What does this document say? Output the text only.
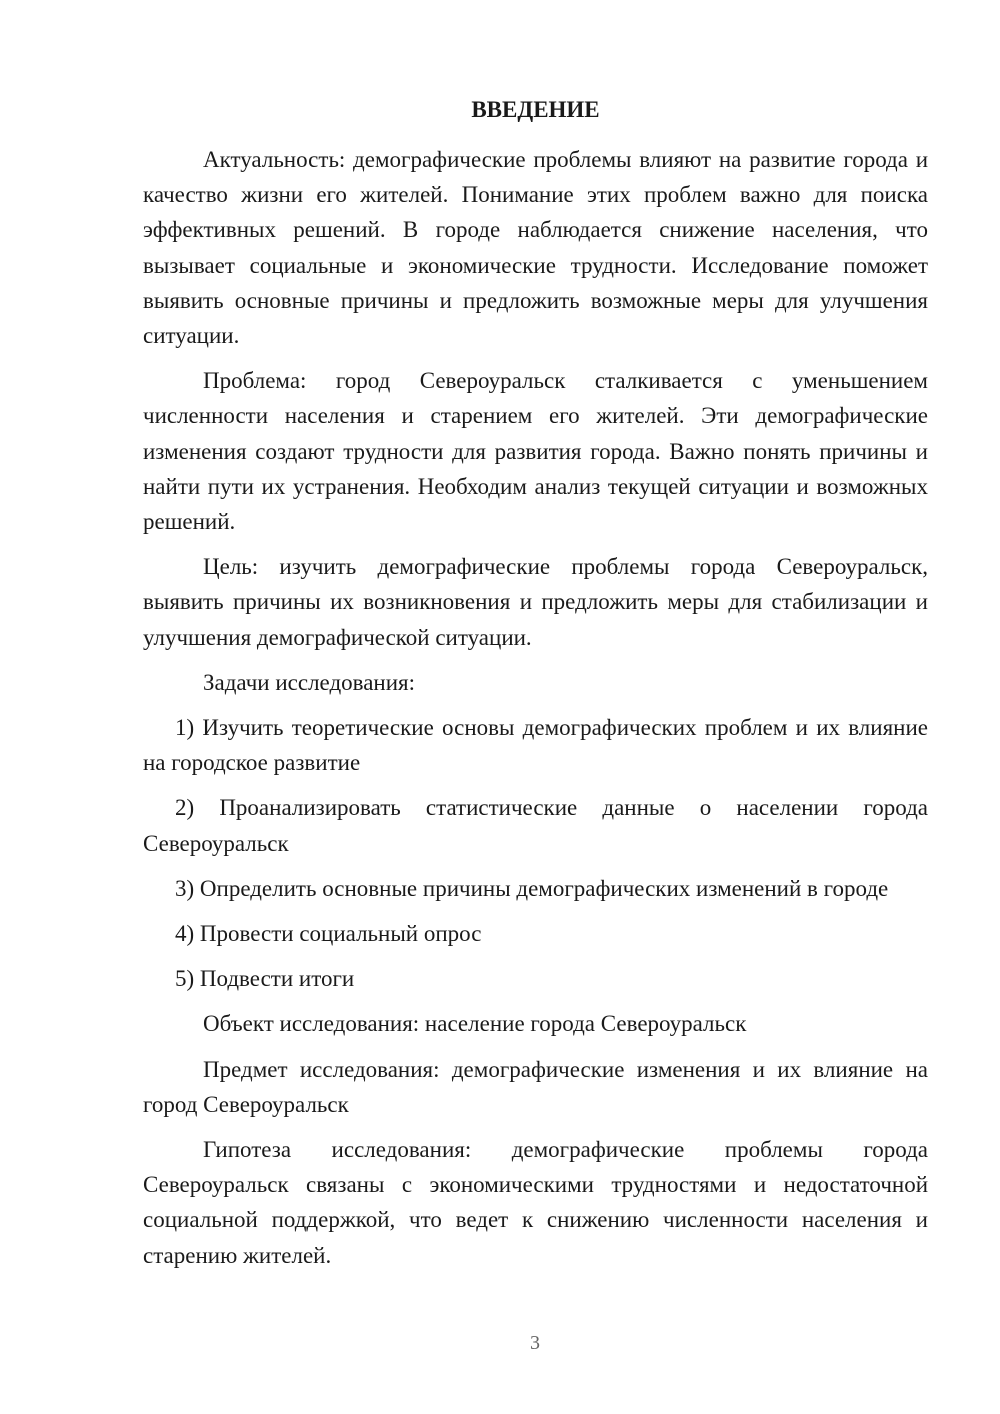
ВВЕДЕНИЕ

Актуальность: демографические проблемы влияют на развитие города и качество жизни его жителей. Понимание этих проблем важно для поиска эффективных решений. В городе наблюдается снижение населения, что вызывает социальные и экономические трудности. Исследование поможет выявить основные причины и предложить возможные меры для улучшения ситуации.

Проблема: город Североуральск сталкивается с уменьшением численности населения и старением его жителей. Эти демографические изменения создают трудности для развития города. Важно понять причины и найти пути их устранения. Необходим анализ текущей ситуации и возможных решений.

Цель: изучить демографические проблемы города Североуральск, выявить причины их возникновения и предложить меры для стабилизации и улучшения демографической ситуации.

Задачи исследования:

1) Изучить теоретические основы демографических проблем и их влияние на городское развитие

2) Проанализировать статистические данные о населении города Североуральск

3) Определить основные причины демографических изменений в городе

4) Провести социальный опрос

5) Подвести итоги

Объект исследования: население города Североуральск

Предмет исследования: демографические изменения и их влияние на город Североуральск

Гипотеза исследования: демографические проблемы города Североуральск связаны с экономическими трудностями и недостаточной социальной поддержкой, что ведет к снижению численности населения и старению жителей.

3
